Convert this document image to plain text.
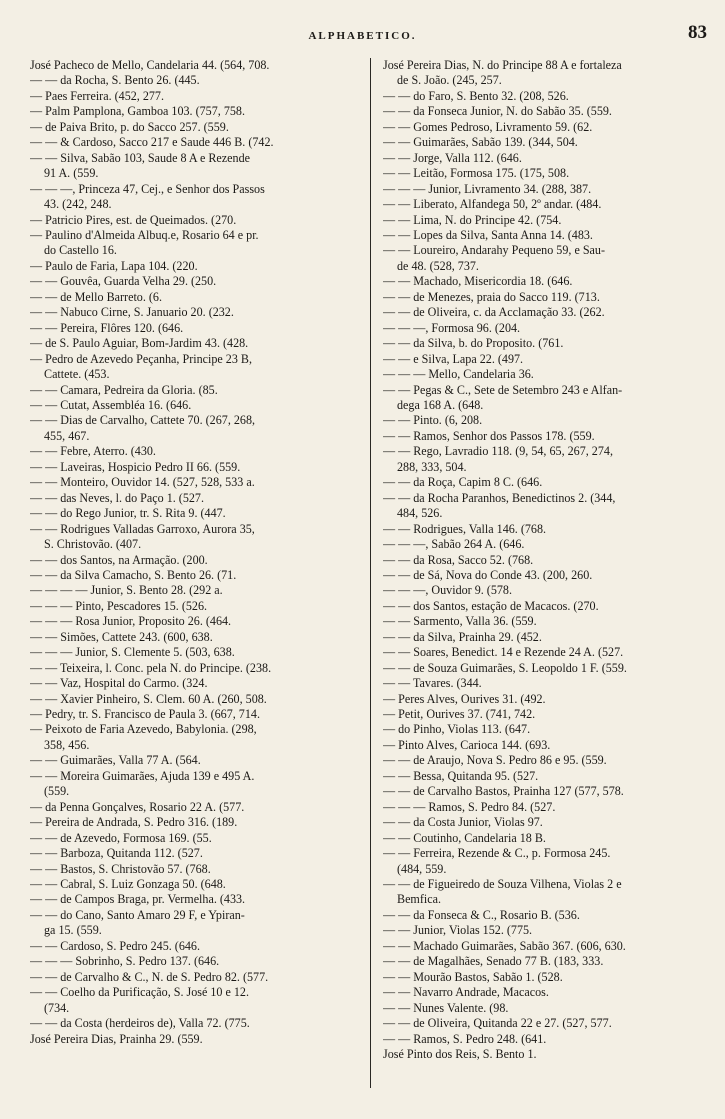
ALPHABETICO.	83
José Pacheco de Mello, Candelaria 44. (564, 708.
— — da Rocha, S. Bento 26. (445.
— Paes Ferreira. (452, 277.
— Palm Pamplona, Gamboa 103. (757, 758.
— de Paiva Brito, p. do Sacco 257. (559.
— — & Cardoso, Sacco 217 e Saude 446 B. (742.
— — Silva, Sabão 103, Saude 8 A e Rezende
91 A. (559.
— — —, Princeza 47, Cej., e Senhor dos Passos
43. (242, 248.
— Patricio Pires, est. de Queimados. (270.
— Paulino d'Almeida Albuq.e, Rosario 64 e pr.
do Castello 16.
— Paulo de Faria, Lapa 104. (220.
— — Gouvêa, Guarda Velha 29. (250.
— — de Mello Barreto. (6.
— — Nabuco Cirne, S. Januario 20. (232.
— — Pereira, Flôres 120. (646.
— de S. Paulo Aguiar, Bom-Jardim 43. (428.
— Pedro de Azevedo Peçanha, Principe 23 B,
Cattete. (453.
— — Camara, Pedreira da Gloria. (85.
— — Cutat, Assembléa 16. (646.
— — Dias de Carvalho, Cattete 70. (267, 268,
455, 467.
— — Febre, Aterro. (430.
— — Laveiras, Hospicio Pedro II 66. (559.
— — Monteiro, Ouvidor 14. (527, 528, 533 a.
— — das Neves, l. do Paço 1. (527.
— — do Rego Junior, tr. S. Rita 9. (447.
— — Rodrigues Valladas Garroxo, Aurora 35,
S. Christovão. (407.
— — dos Santos, na Armação. (200.
— — da Silva Camacho, S. Bento 26. (71.
— — — — Junior, S. Bento 28. (292 a.
— — — Pinto, Pescadores 15. (526.
— — — Rosa Junior, Proposito 26. (464.
— — Simões, Cattete 243. (600, 638.
— — — Junior, S. Clemente 5. (503, 638.
— — Teixeira, l. Conc. pela N. do Principe. (238.
— — Vaz, Hospital do Carmo. (324.
— — Xavier Pinheiro, S. Clem. 60 A. (260, 508.
— Pedry, tr. S. Francisco de Paula 3. (667, 714.
— Peixoto de Faria Azevedo, Babylonia. (298,
358, 456.
— — Guimarães, Valla 77 A. (564.
— — Moreira Guimarães, Ajuda 139 e 495 A.
(559.
— da Penna Gonçalves, Rosario 22 A. (577.
— Pereira de Andrada, S. Pedro 316. (189.
— — de Azevedo, Formosa 169. (55.
— — Barboza, Quitanda 112. (527.
— — Bastos, S. Christovão 57. (768.
— — Cabral, S. Luiz Gonzaga 50. (648.
— — de Campos Braga, pr. Vermelha. (433.
— — do Cano, Santo Amaro 29 F, e Ypiran-
ga 15. (559.
— — Cardoso, S. Pedro 245. (646.
— — — Sobrinho, S. Pedro 137. (646.
— — de Carvalho & C., N. de S. Pedro 82. (577.
— — Coelho da Purificação, S. José 10 e 12.
(734.
— — da Costa (herdeiros de), Valla 72. (775.
José Pereira Dias, Prainha 29. (559.
José Pereira Dias, N. do Principe 88 A e fortaleza
de S. João. (245, 257.
— — do Faro, S. Bento 32. (208, 526.
— — da Fonseca Junior, N. do Sabão 35. (559.
— — Gomes Pedroso, Livramento 59. (62.
— — Guimarães, Sabão 139. (344, 504.
— — Jorge, Valla 112. (646.
— — Leitão, Formosa 175. (175, 508.
— — — Junior, Livramento 34. (288, 387.
— — Liberato, Alfandega 50, 2º andar. (484.
— — Lima, N. do Principe 42. (754.
— — Lopes da Silva, Santa Anna 14. (483.
— — Loureiro, Andarahy Pequeno 59, e Sau-
de 48. (528, 737.
— — Machado, Misericordia 18. (646.
— — de Menezes, praia do Sacco 119. (713.
— — de Oliveira, c. da Acclamação 33. (262.
— — —, Formosa 96. (204.
— — da Silva, b. do Proposito. (761.
— — e Silva, Lapa 22. (497.
— — — Mello, Candelaria 36.
— — Pegas & C., Sete de Setembro 243 e Alfan-
dega 168 A. (648.
— — Pinto. (6, 208.
— — Ramos, Senhor dos Passos 178. (559.
— — Rego, Lavradio 118. (9, 54, 65, 267, 274,
288, 333, 504.
— — da Roça, Capim 8 C. (646.
— — da Rocha Paranhos, Benedictinos 2. (344,
484, 526.
— — Rodrigues, Valla 146. (768.
— — —, Sabão 264 A. (646.
— — da Rosa, Sacco 52. (768.
— — de Sá, Nova do Conde 43. (200, 260.
— — —, Ouvidor 9. (578.
— — dos Santos, estação de Macacos. (270.
— — Sarmento, Valla 36. (559.
— — da Silva, Prainha 29. (452.
— — Soares, Benedict. 14 e Rezende 24 A. (527.
— — de Souza Guimarães, S. Leopoldo 1 F. (559.
— — Tavares. (344.
— Peres Alves, Ourives 31. (492.
— Petit, Ourives 37. (741, 742.
— do Pinho, Violas 113. (647.
— Pinto Alves, Carioca 144. (693.
— — de Araujo, Nova S. Pedro 86 e 95. (559.
— — Bessa, Quitanda 95. (527.
— — de Carvalho Bastos, Prainha 127 (577, 578.
— — — Ramos, S. Pedro 84. (527.
— — da Costa Junior, Violas 97.
— — Coutinho, Candelaria 18 B.
— — Ferreira, Rezende & C., p. Formosa 245.
(484, 559.
— — de Figueiredo de Souza Vilhena, Violas 2 e
Bemfica.
— — da Fonseca & C., Rosario B. (536.
— — Junior, Violas 152. (775.
— — Machado Guimarães, Sabão 367. (606, 630.
— — de Magalhães, Senado 77 B. (183, 333.
— — Mourão Bastos, Sabão 1. (528.
— — Navarro Andrade, Macacos.
— — Nunes Valente. (98.
— — de Oliveira, Quitanda 22 e 27. (527, 577.
— — Ramos, S. Pedro 248. (641.
José Pinto dos Reis, S. Bento 1.
